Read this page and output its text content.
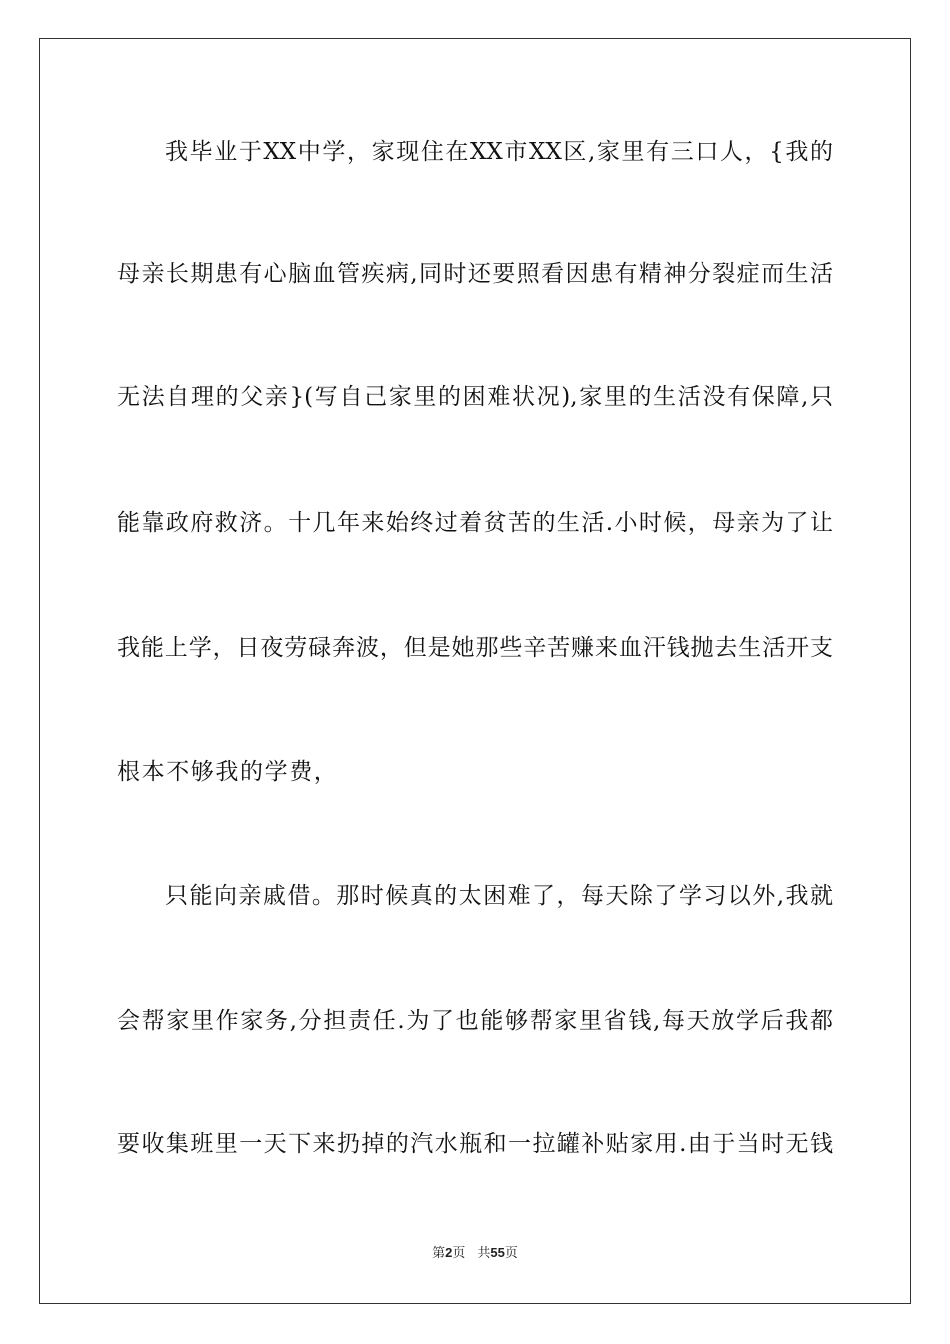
我毕业于XX中学，家现住在XX市XX区,家里有三口人，{我的
母亲长期患有心脑血管疾病,同时还要照看因患有精神分裂症而生活
无法自理的父亲}(写自己家里的困难状况),家里的生活没有保障,只
能靠政府救济。十几年来始终过着贫苦的生活.小时候，母亲为了让
我能上学，日夜劳碌奔波，但是她那些辛苦赚来血汗钱抛去生活开支
根本不够我的学费，
只能向亲戚借。那时候真的太困难了，每天除了学习以外,我就
会帮家里作家务,分担责任.为了也能够帮家里省钱,每天放学后我都
要收集班里一天下来扔掉的汽水瓶和一拉罐补贴家用.由于当时无钱
第2页 共55页
